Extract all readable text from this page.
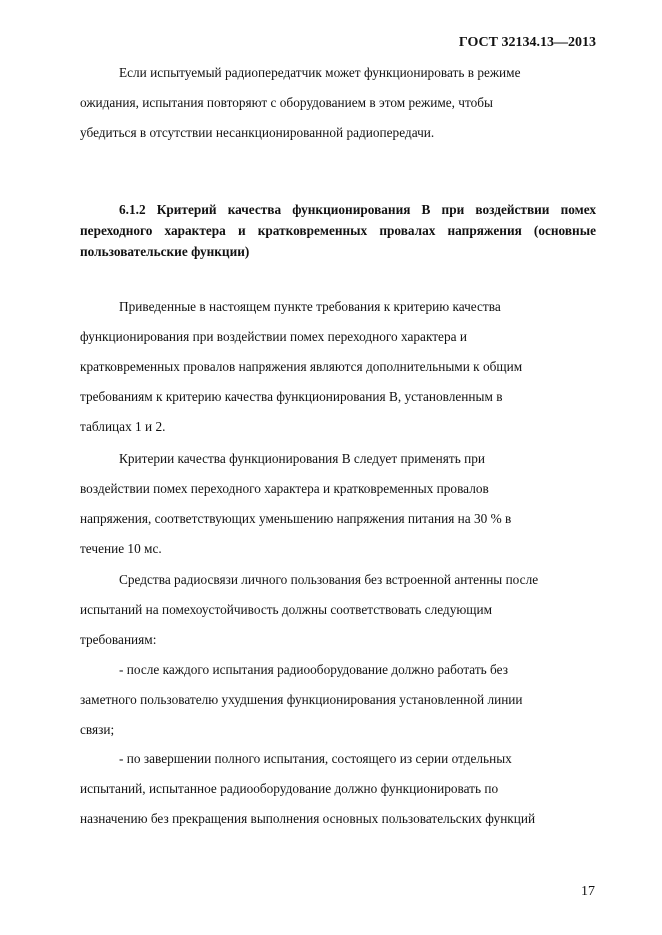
ГОСТ 32134.13—2013

Если испытуемый радиопередатчик может функционировать в режиме

ожидания, испытания повторяют с оборудованием в этом режиме, чтобы

убедиться в отсутствии несанкционированной радиопередачи.

6.1.2 Критерий качества функционирования В при воздействии помех переходного характера и кратковременных провалах напряжения (основные пользовательские функции)

Приведенные в настоящем пункте требования к критерию качества

функционирования при воздействии помех переходного характера и

кратковременных провалов напряжения являются дополнительными к общим

требованиям к критерию качества функционирования В, установленным в

таблицах 1 и 2.

Критерии качества функционирования В следует применять при

воздействии помех переходного характера и кратковременных провалов

напряжения, соответствующих уменьшению напряжения питания на 30 % в

течение 10 мс.

Средства радиосвязи личного пользования без встроенной антенны после

испытаний на помехоустойчивость должны соответствовать следующим

требованиям:

- после каждого испытания радиооборудование должно работать без

заметного пользователю ухудшения функционирования установленной линии

связи;

- по завершении полного испытания, состоящего из серии отдельных

испытаний, испытанное радиооборудование должно функционировать по

назначению без прекращения выполнения основных пользовательских функций

17
